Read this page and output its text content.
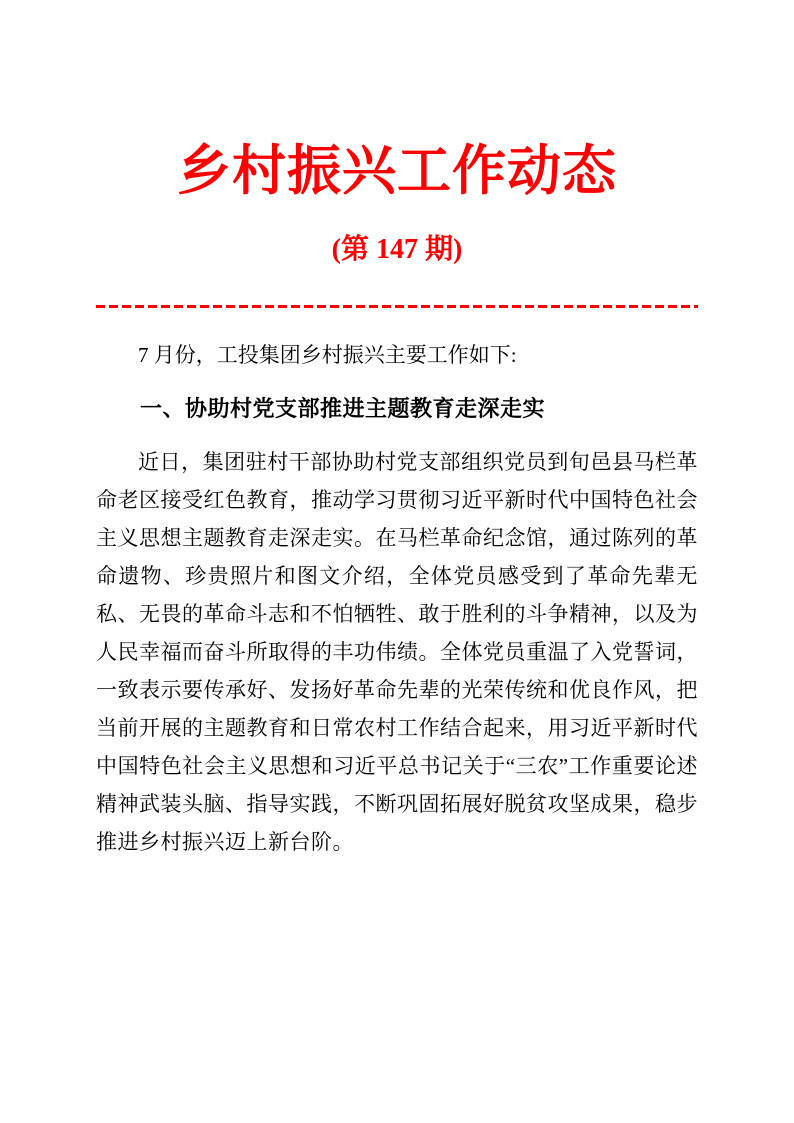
乡村振兴工作动态
(第 147 期)

7 月份，工投集团乡村振兴主要工作如下:

一、协助村党支部推进主题教育走深走实

近日，集团驻村干部协助村党支部组织党员到旬邑县马栏革命老区接受红色教育，推动学习贯彻习近平新时代中国特色社会主义思想主题教育走深走实。在马栏革命纪念馆，通过陈列的革命遗物、珍贵照片和图文介绍，全体党员感受到了革命先辈无私、无畏的革命斗志和不怕牺牲、敢于胜利的斗争精神，以及为人民幸福而奋斗所取得的丰功伟绩。全体党员重温了入党誓词，一致表示要传承好、发扬好革命先辈的光荣传统和优良作风，把当前开展的主题教育和日常农村工作结合起来，用习近平新时代中国特色社会主义思想和习近平总书记关于“三农”工作重要论述精神武装头脑、指导实践，不断巩固拓展好脱贫攻坚成果，稳步推进乡村振兴迈上新台阶。
